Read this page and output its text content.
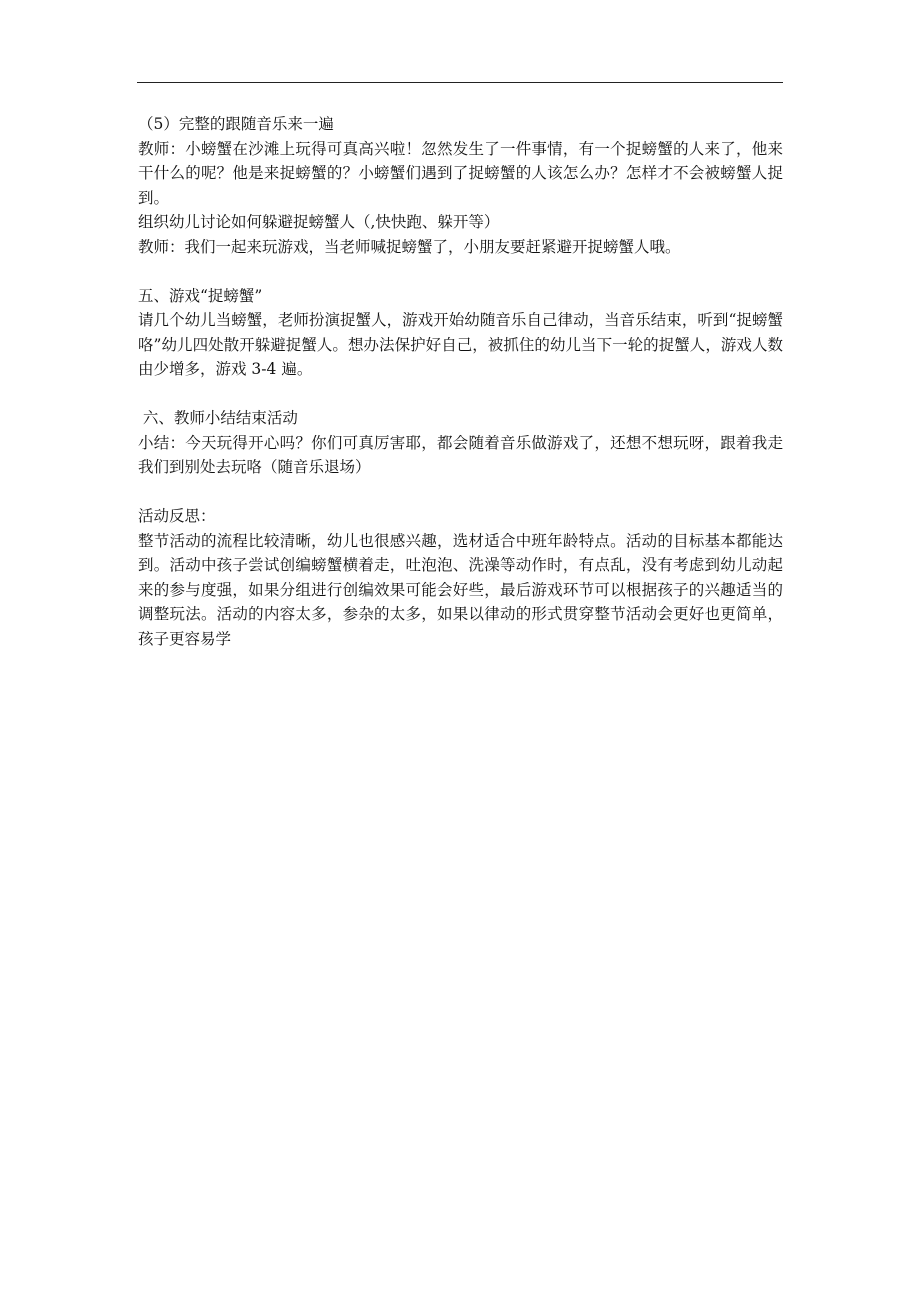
（5）完整的跟随音乐来一遍

教师：小螃蟹在沙滩上玩得可真高兴啦！忽然发生了一件事情，有一个捉螃蟹的人来了，他来干什么的呢？他是来捉螃蟹的？小螃蟹们遇到了捉螃蟹的人该怎么办？怎样才不会被螃蟹人捉到。

组织幼儿讨论如何躲避捉螃蟹人（,快快跑、躲开等）

教师：我们一起来玩游戏，当老师喊捉螃蟹了，小朋友要赶紧避开捉螃蟹人哦。

五、游戏“捉螃蟹”

请几个幼儿当螃蟹，老师扮演捉蟹人，游戏开始幼随音乐自己律动，当音乐结束，听到“捉螃蟹咯”幼儿四处散开躲避捉蟹人。想办法保护好自己，被抓住的幼儿当下一轮的捉蟹人，游戏人数由少增多，游戏 3-4 遍。

六、教师小结结束活动

小结：今天玩得开心吗？你们可真厉害耶，都会随着音乐做游戏了，还想不想玩呀，跟着我走我们到别处去玩咯（随音乐退场）

活动反思：

整节活动的流程比较清晰，幼儿也很感兴趣，选材适合中班年龄特点。活动的目标基本都能达到。活动中孩子尝试创编螃蟹横着走，吐泡泡、洗澡等动作时，有点乱，没有考虑到幼儿动起来的参与度强，如果分组进行创编效果可能会好些，最后游戏环节可以根据孩子的兴趣适当的调整玩法。活动的内容太多，参杂的太多，如果以律动的形式贯穿整节活动会更好也更简单，孩子更容易学
